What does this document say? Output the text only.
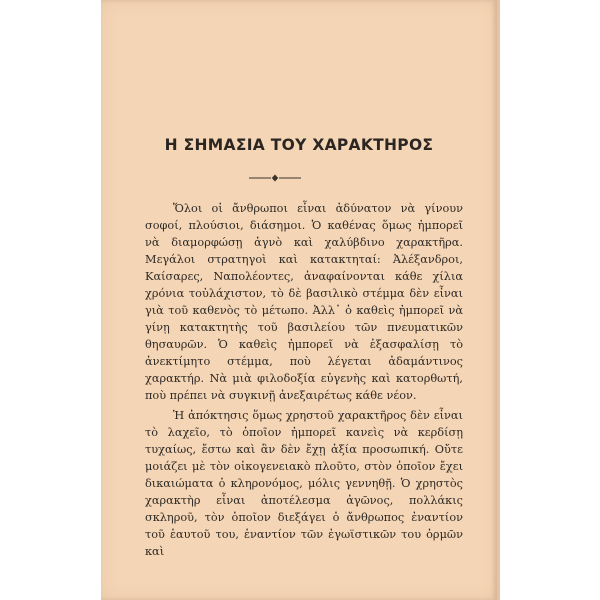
Η ΣΗΜΑΣΙΑ ΤΟΥ ΧΑΡΑΚΤΗΡΟΣ

Ὅλοι οἱ ἄνθρωποι εἶναι ἀδύνατον νὰ γίνουν σοφοί, πλούσιοι, διάσημοι. Ὁ καθένας ὅμως ἠμπορεῖ νὰ διαμορφώσῃ ἁγνὸ καὶ χαλύβδινο χαρακτῆρα. Μεγάλοι στρατηγοὶ καὶ κατακτηταί: Ἀλέξανδροι, Καίσαρες, Ναπολέοντες, ἀναφαίνονται κάθε χίλια χρόνια τοὐλάχιστον, τὸ δὲ βασιλικὸ στέμμα δὲν εἶναι γιὰ τοῦ καθενὸς τὸ μέτωπο. Ἀλλ᾿ ὁ καθεὶς ἠμπορεῖ νὰ γίνῃ κατακτητὴς τοῦ βασιλείου τῶν πνευματικῶν θησαυρῶν. Ὁ καθεὶς ἠμπορεῖ νὰ ἐξασφαλίσῃ τὸ ἀνεκτίμητο στέμμα, ποὺ λέγεται ἀδαμάντινος χαρακτήρ. Νὰ μιὰ φιλοδοξία εὐγενὴς καὶ κατορθωτή, ποὺ πρέπει νὰ συγκινῇ ἀνεξαιρέτως κάθε νέον.

Ἡ ἀπόκτησις ὅμως χρηστοῦ χαρακτῆρος δὲν εἶναι τὸ λαχεῖο, τὸ ὁποῖον ἠμπορεῖ κανεὶς νὰ κερδίσῃ τυχαίως, ἔστω καὶ ἂν δὲν ἔχῃ ἀξία προσωπική. Οὔτε μοιάζει μὲ τὸν οἰκογενειακὸ πλοῦτο, στὸν ὁποῖον ἔχει δικαιώματα ὁ κληρονόμος, μόλις γεννηθῇ. Ὁ χρηστὸς χαρακτὴρ εἶναι ἀποτέλεσμα ἀγῶνος, πολλάκις σκληροῦ, τὸν ὁποῖον διεξάγει ὁ ἄνθρωπος ἐναντίον τοῦ ἑαυτοῦ του, ἐναντίον τῶν ἐγωϊστικῶν του ὁρμῶν καὶ
